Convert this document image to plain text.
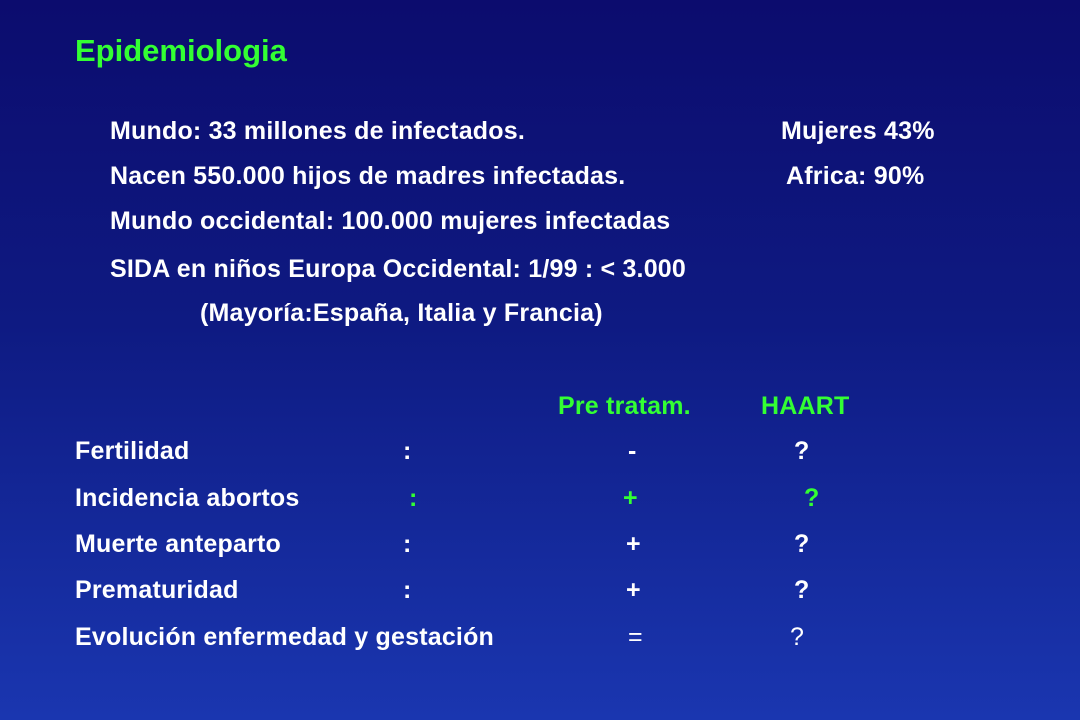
Epidemiologia
Mundo: 33 millones de infectados.	Mujeres 43%
Nacen 550.000 hijos de madres infectadas.	Africa: 90%
Mundo occidental: 100.000 mujeres infectadas
SIDA en niños Europa Occidental: 1/99 : < 3.000
(Mayoría:España, Italia y Francia)
Pre tratam.	HAART
Fertilidad	:	-	?
Incidencia abortos	:	+	?
Muerte anteparto	:	+	?
Prematuridad	:	+	?
Evolución enfermedad y gestación	=	?
